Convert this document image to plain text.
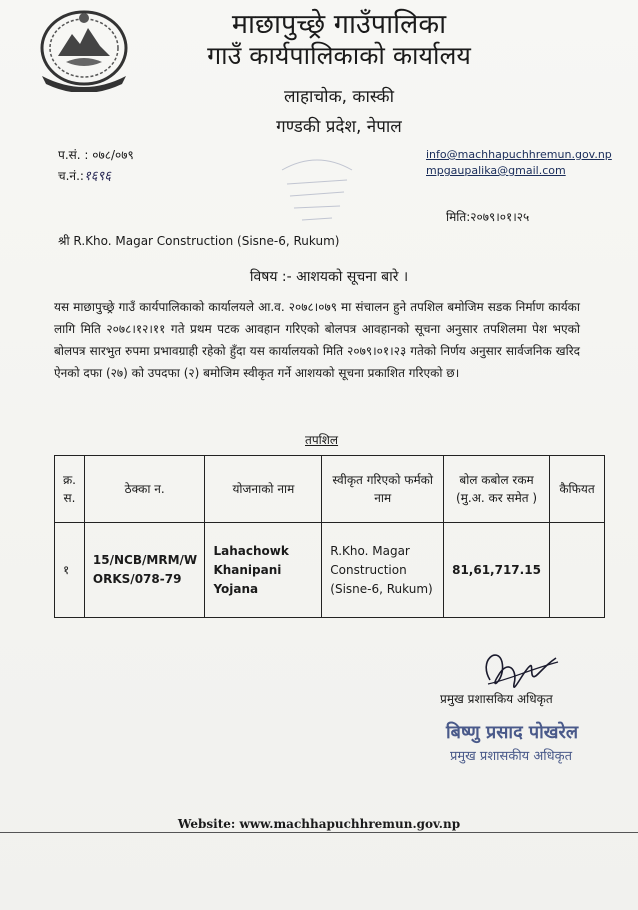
माछापुच्छ्रे गाउँपालिका
गाउँ कार्यपालिकाको कार्यालय
लाहाचोक, कास्की
गण्डकी प्रदेश, नेपाल
प.सं. : ०७८/०७९
च.नं.:१६९६
info@machhapuchhremun.gov.np
mpgaupalika@gmail.com
मिति:२०७९।०१।२५
श्री R.Kho. Magar Construction (Sisne-6, Rukum)
विषय :- आशयको सूचना बारे ।
यस माछापुच्छ्रे गाउँ कार्यपालिकाको कार्यालयले आ.व. २०७८।०७९ मा संचालन हुने तपशिल बमोजिम सडक निर्माण कार्यका लागि मिति २०७८।१२।११ गते प्रथम पटक आवहान गरिएको बोलपत्र आवहानको सूचना अनुसार तपशिलमा पेश भएको बोलपत्र सारभुत रुपमा प्रभावग्राही रहेको हुँदा यस कार्यालयको मिति २०७९।०१।२३ गतेको निर्णय अनुसार सार्वजनिक खरिद ऐनको दफा (२७) को उपदफा (२) बमोजिम स्वीकृत गर्ने आशयको सूचना प्रकाशित गरिएको छ।
तपशिल
क्र. स.	ठेक्का न.	योजनाको नाम	स्वीकृत गरिएको फर्मको नाम	बोल कबोल रकम (मु.अ. कर समेत )	कैफियत
१	15/NCB/MRM/WORKS/078-79	Lahachowk Khanipani Yojana	R.Kho. Magar Construction (Sisne-6, Rukum)	81,61,717.15	
प्रमुख प्रशासकिय अधिकृत
बिष्णु प्रसाद पोखरेल
प्रमुख प्रशासकीय अधिकृत
Website: www.machhapuchhremun.gov.np
